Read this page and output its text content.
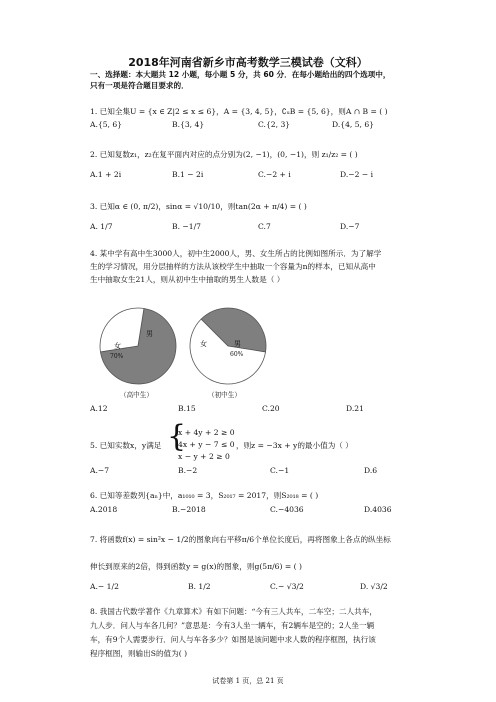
2018年河南省新乡市高考数学三模试卷（文科）
一、选择题：本大题共 12 小题，每小题 5 分，共 60 分．在每小题给出的四个选项中，
只有一项是符合题目要求的．
1. 已知全集U = {x ∈ Z|2 ≤ x ≤ 6}，A = {3, 4, 5}，∁ᵤB = {5, 6}，则A ∩ B = ( )
A.{5, 6}	B.{3, 4}	C.{2, 3}	D.{4, 5, 6}
2. 已知复数z₁，z₂在复平面内对应的点分别为(2, −1)，(0, −1)，则 z₁/z₂ = ( )
A.1 + 2i	B.1 − 2i	C.−2 + i	D.−2 − i
3. 已知α ∈ (0, π/2)，sinα = √10/10，则tan(2α + π/4) = ( )
A. 1/7	B. −1/7	C.7	D.−7
4. 某中学有高中生3000人，初中生2000人，男、女生所占的比例如图所示．为了解学
生的学习情况，用分层抽样的方法从该校学生中抽取一个容量为n的样本，已知从高中
生中抽取女生21人，则从初中生中抽取的男生人数是（ ）
女
70%
男
（高中生）
女	男
60%
（初中生）
A.12	B.15	C.20	D.21
5. 已知实数x，y满足 {
x + 4y + 2 ≥ 0
4x + y − 7 ≤ 0
x − y + 2 ≥ 0
，则z = −3x + y的最小值为（ ）
A.−7	B.−2	C.−1	D.6
6. 已知等差数列{aₙ}中，a₁₀₁₀ = 3，S₂₀₁₇ = 2017，则S₂₀₁₈ = ( )
A.2018	B.−2018	C.−4036	D.4036
7. 将函数f(x) = sin²x − 1/2的图象向右平移π/6个单位长度后，再将图象上各点的纵坐标
伸长到原来的2倍，得到函数y = g(x)的图象，则g(5π/6) = ( )
A.− 1/2	B. 1/2	C.− √3/2	D. √3/2
8. 我国古代数学著作《九章算术》有如下问题：“今有三人共车，二车空；二人共车，
九人步．问人与车各几何？”意思是：今有3人坐一辆车，有2辆车是空的；2人坐一辆
车，有9个人需要步行．问人与车各多少？如图是该问题中求人数的程序框图，执行该
程序框图，则输出S的值为( )
试卷第 1 页，总 21 页
